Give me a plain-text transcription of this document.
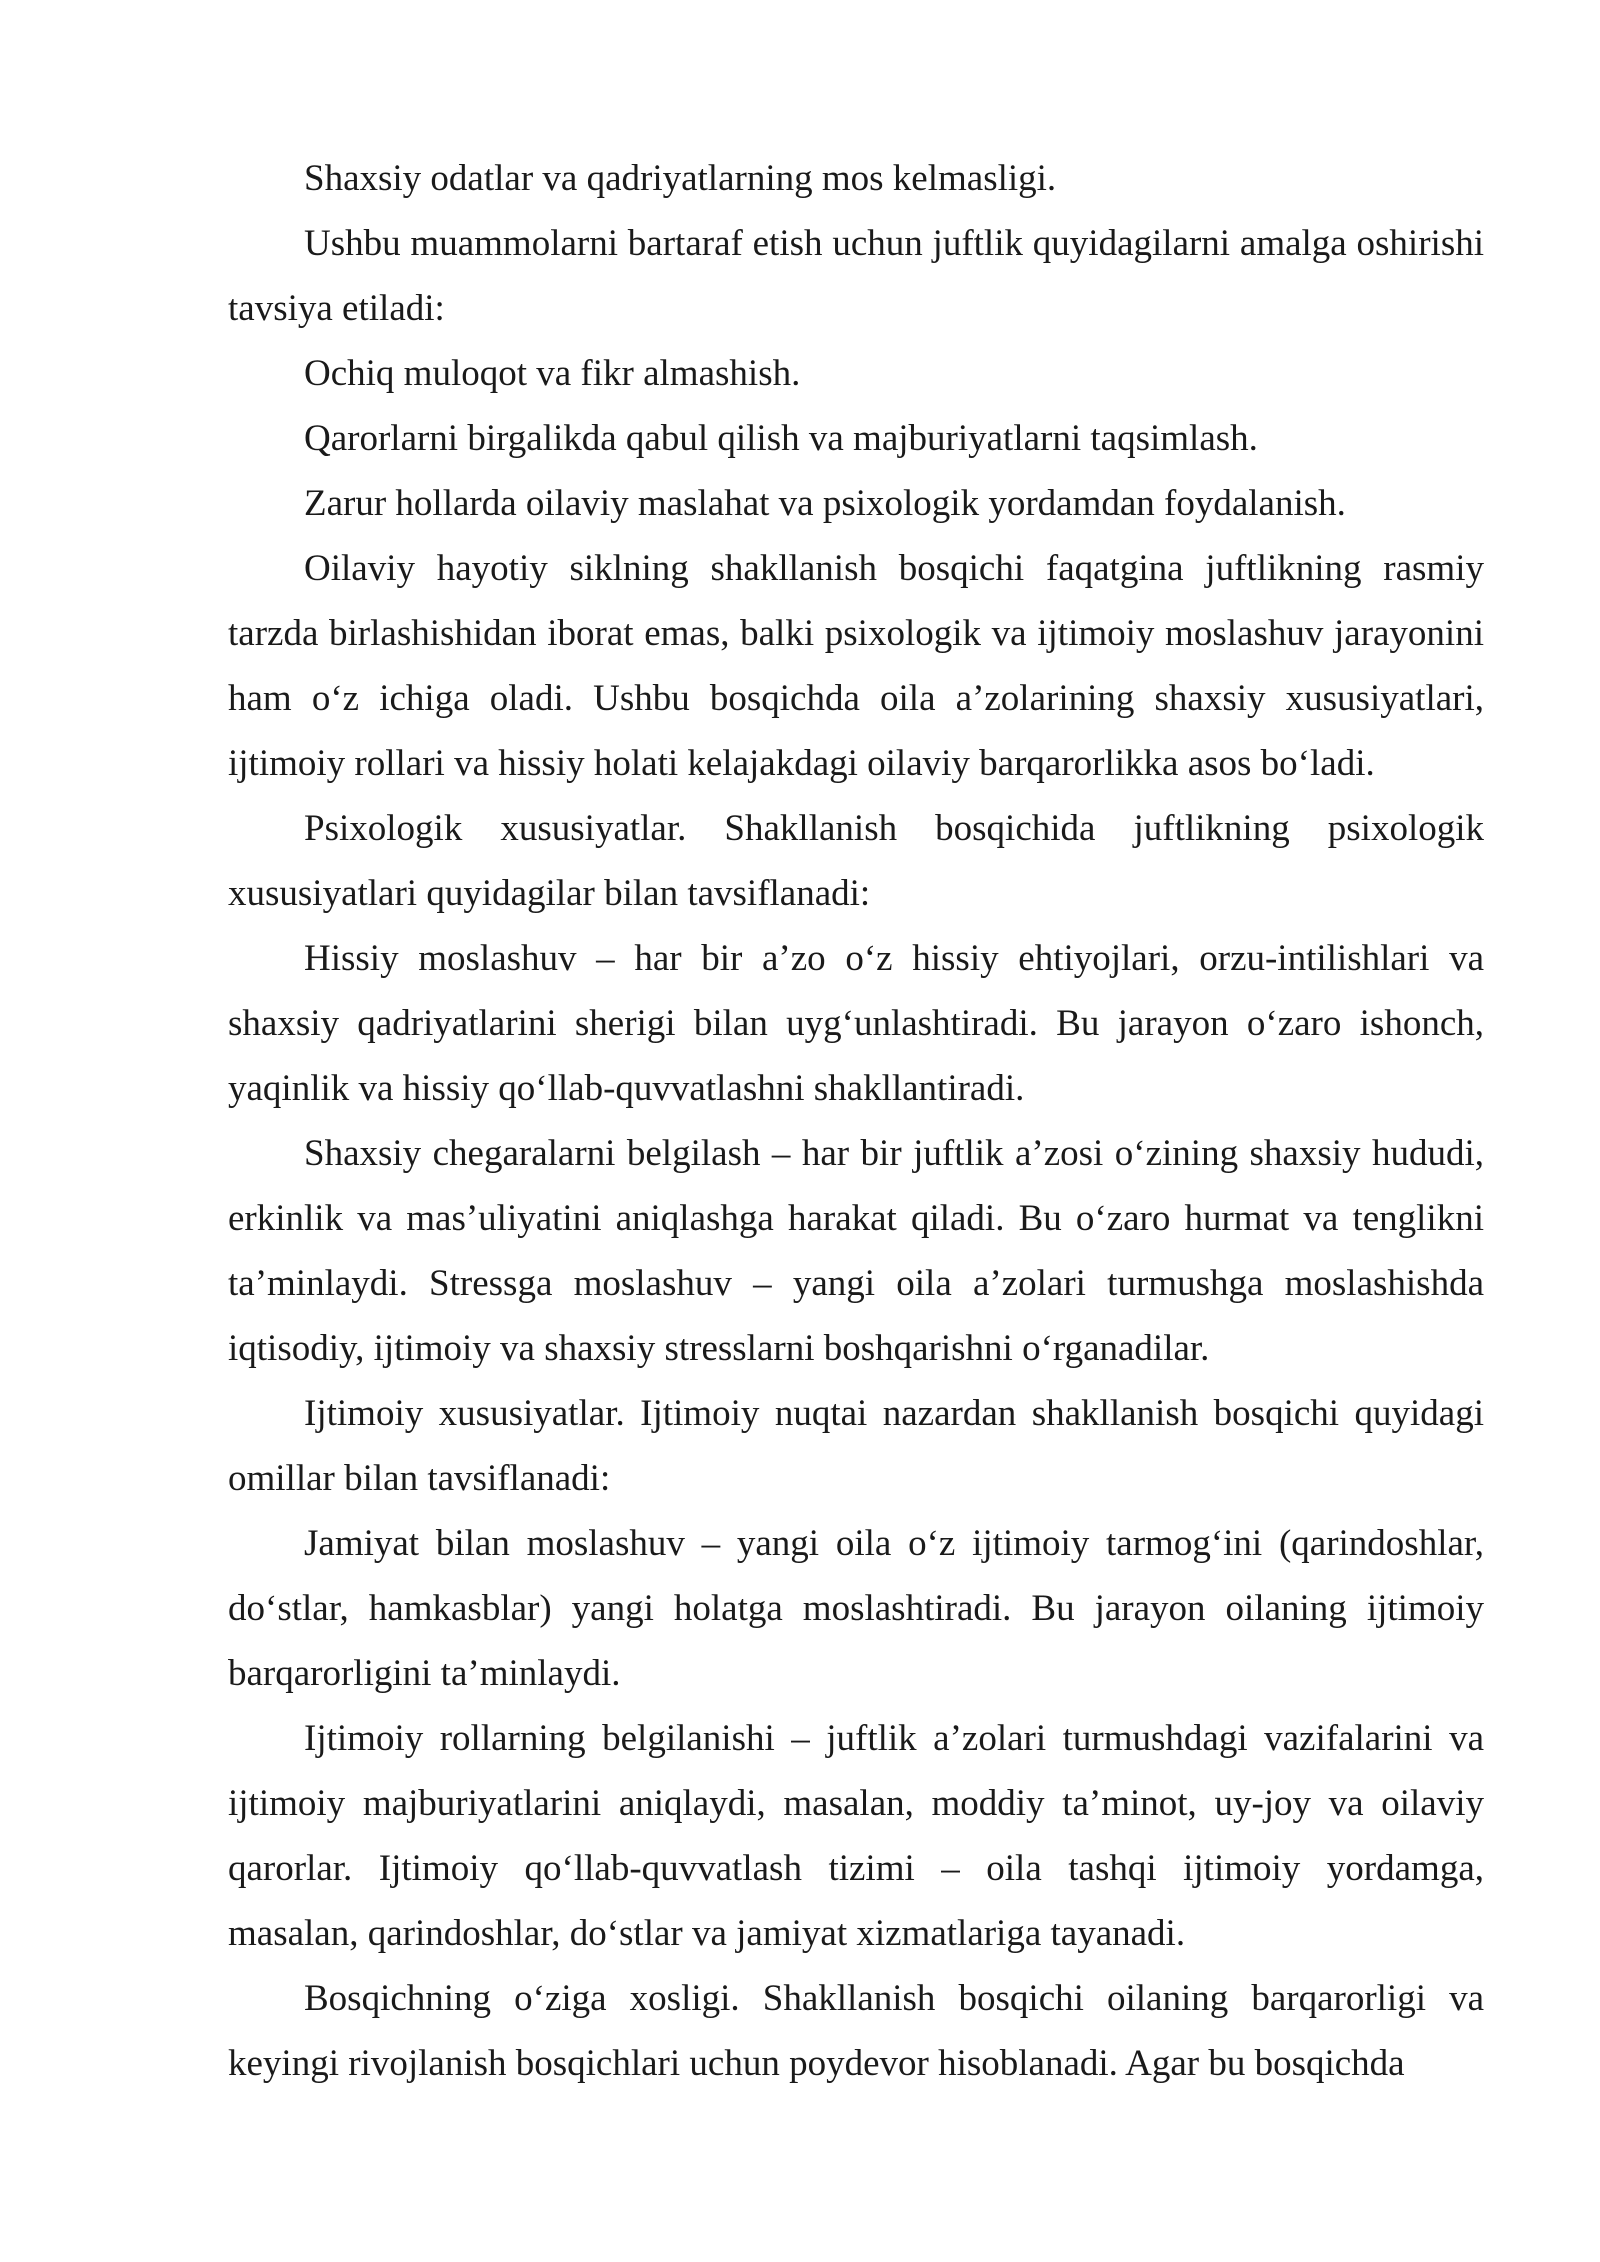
Shaxsiy odatlar va qadriyatlarning mos kelmasligi.

Ushbu muammolarni bartaraf etish uchun juftlik quyidagilarni amalga oshirishi tavsiya etiladi:

Ochiq muloqot va fikr almashish.

Qarorlarni birgalikda qabul qilish va majburiyatlarni taqsimlash.

Zarur hollarda oilaviy maslahat va psixologik yordamdan foydalanish.

Oilaviy hayotiy siklning shakllanish bosqichi faqatgina juftlikning rasmiy tarzda birlashishidan iborat emas, balki psixologik va ijtimoiy moslashuv jarayonini ham o‘z ichiga oladi. Ushbu bosqichda oila a’zolarining shaxsiy xususiyatlari, ijtimoiy rollari va hissiy holati kelajakdagi oilaviy barqarorlikka asos bo‘ladi.

Psixologik xususiyatlar. Shakllanish bosqichida juftlikning psixologik xususiyatlari quyidagilar bilan tavsiflanadi:

Hissiy moslashuv – har bir a’zo o‘z hissiy ehtiyojlari, orzu-intilishlari va shaxsiy qadriyatlarini sherigi bilan uyg‘unlashtiradi. Bu jarayon o‘zaro ishonch, yaqinlik va hissiy qo‘llab-quvvatlashni shakllantiradi.

Shaxsiy chegaralarni belgilash – har bir juftlik a’zosi o‘zining shaxsiy hududi, erkinlik va mas’uliyatini aniqlashga harakat qiladi. Bu o‘zaro hurmat va tenglikni ta’minlaydi. Stressga moslashuv – yangi oila a’zolari turmushga moslashishda iqtisodiy, ijtimoiy va shaxsiy stresslarni boshqarishni o‘rganadilar.

Ijtimoiy xususiyatlar. Ijtimoiy nuqtai nazardan shakllanish bosqichi quyidagi omillar bilan tavsiflanadi:

Jamiyat bilan moslashuv – yangi oila o‘z ijtimoiy tarmog‘ini (qarindoshlar, do‘stlar, hamkasblar) yangi holatga moslashtiradi. Bu jarayon oilaning ijtimoiy barqarorligini ta’minlaydi.

Ijtimoiy rollarning belgilanishi – juftlik a’zolari turmushdagi vazifalarini va ijtimoiy majburiyatlarini aniqlaydi, masalan, moddiy ta’minot, uy-joy va oilaviy qarorlar. Ijtimoiy qo‘llab-quvvatlash tizimi – oila tashqi ijtimoiy yordamga, masalan, qarindoshlar, do‘stlar va jamiyat xizmatlariga tayanadi.

Bosqichning o‘ziga xosligi. Shakllanish bosqichi oilaning barqarorligi va keyingi rivojlanish bosqichlari uchun poydevor hisoblanadi. Agar bu bosqichda
